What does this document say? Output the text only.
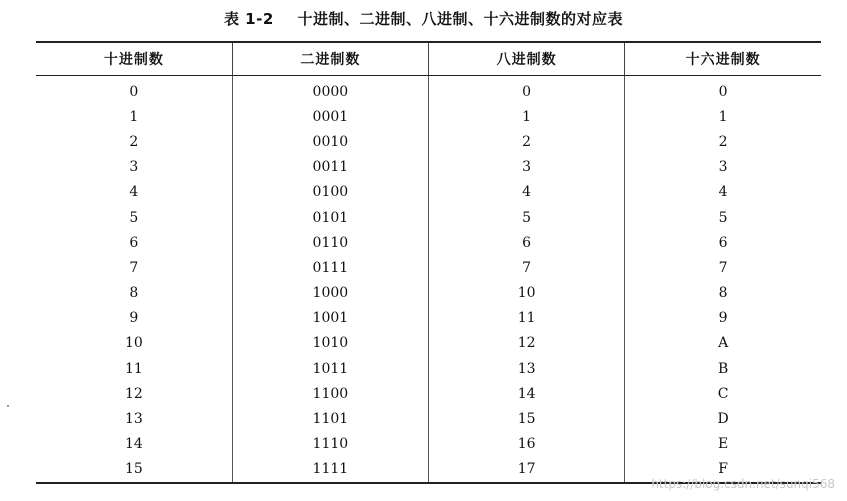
表 1-2 十进制、二进制、八进制、十六进制数的对应表
十进制数	二进制数	八进制数	十六进制数
0	0000	0	0
1	0001	1	1
2	0010	2	2
3	0011	3	3
4	0100	4	4
5	0101	5	5
6	0110	6	6
7	0111	7	7
8	1000	10	8
9	1001	11	9
10	1010	12	A
11	1011	13	B
12	1100	14	C
13	1101	15	D
14	1110	16	E
15	1111	17	F
https://blog.csdn.net/sunqi568
